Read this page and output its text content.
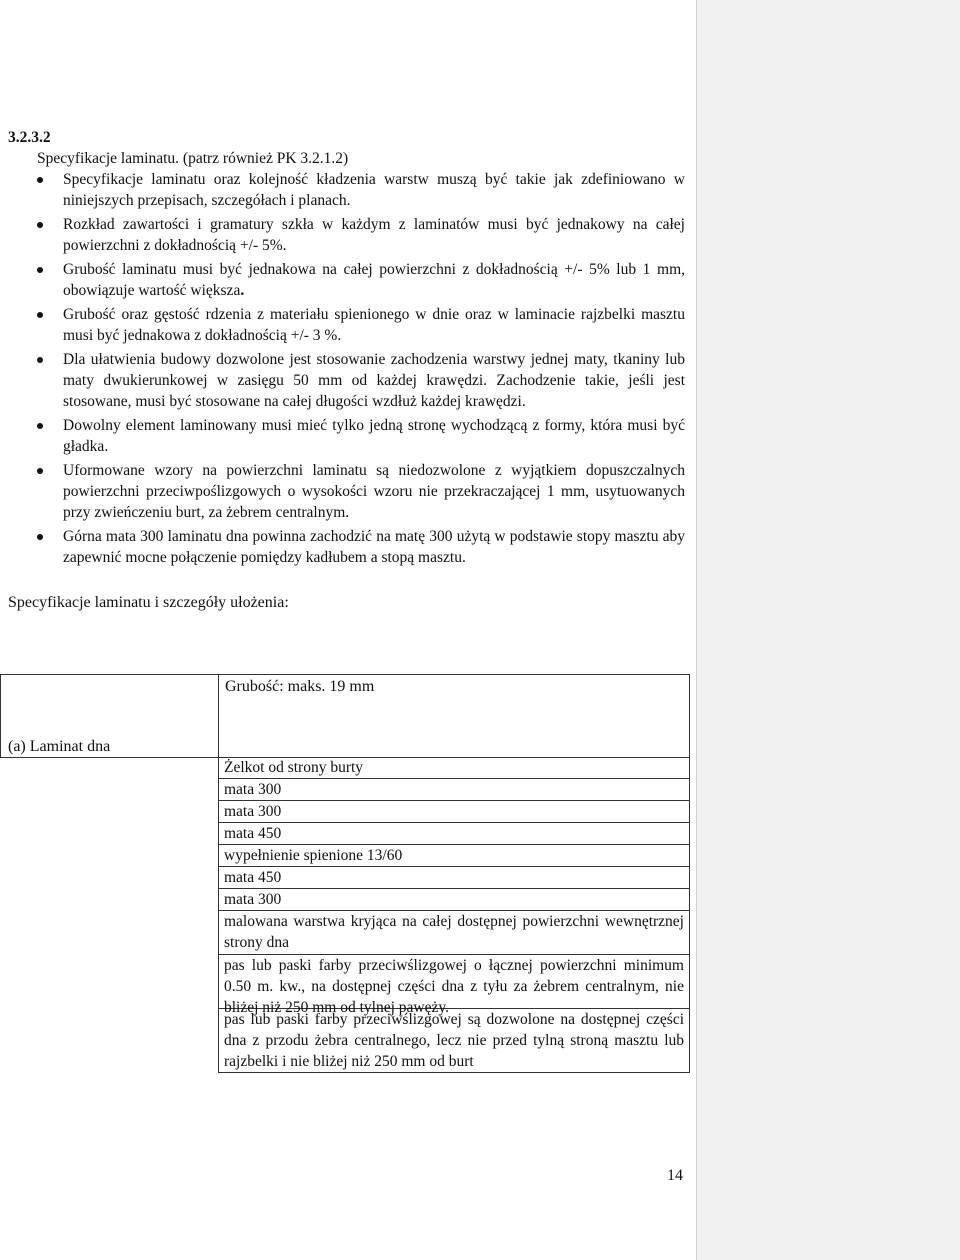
3.2.3.2
Specyfikacje laminatu. (patrz również PK 3.2.1.2)
Specyfikacje laminatu oraz kolejność kładzenia warstw muszą być takie jak zdefiniowano w niniejszych przepisach, szczegółach i planach.
Rozkład zawartości i gramatury szkła w każdym z laminatów musi być jednakowy na całej powierzchni z dokładnością +/- 5%.
Grubość laminatu musi być jednakowa na całej powierzchni z dokładnością +/- 5% lub 1 mm, obowiązuje wartość większa.
Grubość oraz gęstość rdzenia z materiału spienionego w dnie oraz w laminacie rajzbelki masztu musi być jednakowa z dokładnością +/- 3 %.
Dla ułatwienia budowy dozwolone jest stosowanie zachodzenia warstwy jednej maty, tkaniny lub maty dwukierunkowej w zasięgu 50 mm od każdej krawędzi. Zachodzenie takie, jeśli jest stosowane, musi być stosowane na całej długości wzdłuż każdej krawędzi.
Dowolny element laminowany musi mieć tylko jedną stronę wychodzącą z formy, która musi być gładka.
Uformowane wzory na powierzchni laminatu są niedozwolone z wyjątkiem dopuszczalnych powierzchni przeciwpoślizgowych o wysokości wzoru nie przekraczającej 1 mm, usytuowanych przy zwieńczeniu burt, za żebrem centralnym.
Górna mata 300 laminatu dna powinna zachodzić na matę 300 użytą w podstawie stopy masztu aby zapewnić mocne połączenie pomiędzy kadłubem a stopą masztu.
Specyfikacje laminatu i szczegóły ułożenia:
Grubość: maks. 19 mm
(a) Laminat dna
Żelkot od strony burty
mata 300
mata 300
mata 450
wypełnienie spienione 13/60
mata 450
mata 300
malowana warstwa kryjąca na całej dostępnej powierzchni wewnętrznej strony dna
pas lub paski farby przeciwślizgowej o łącznej powierzchni minimum 0.50 m. kw., na dostępnej części dna z tyłu za żebrem centralnym, nie bliżej niż 250 mm od tylnej pawęży.
pas lub paski farby przeciwślizgowej są dozwolone na dostępnej części dna z przodu żebra centralnego, lecz nie przed tylną stroną masztu lub rajzbelki i nie bliżej niż 250 mm od burt
14
